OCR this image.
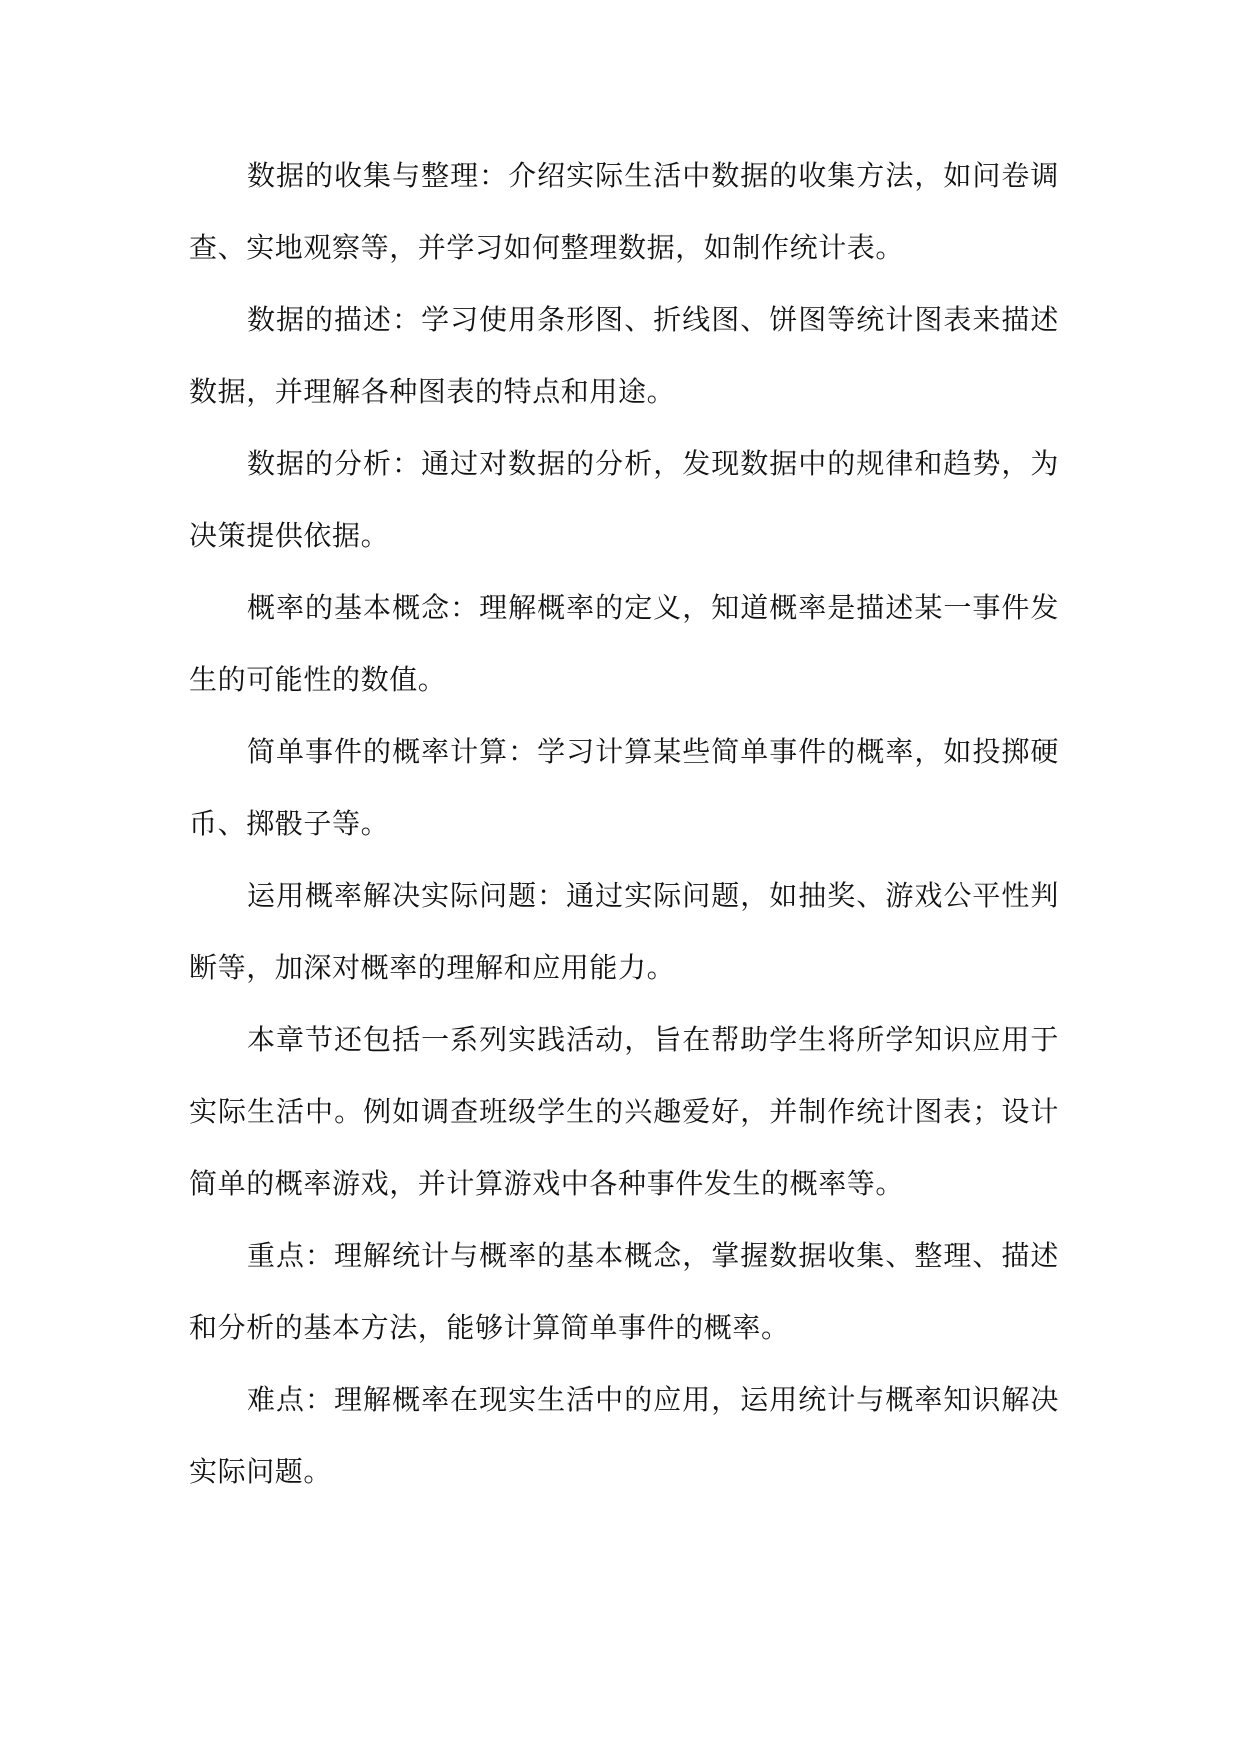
数据的收集与整理：介绍实际生活中数据的收集方法，如问卷调查、实地观察等，并学习如何整理数据，如制作统计表。

数据的描述：学习使用条形图、折线图、饼图等统计图表来描述数据，并理解各种图表的特点和用途。

数据的分析：通过对数据的分析，发现数据中的规律和趋势，为决策提供依据。

概率的基本概念：理解概率的定义，知道概率是描述某一事件发生的可能性的数值。

简单事件的概率计算：学习计算某些简单事件的概率，如投掷硬币、掷骰子等。

运用概率解决实际问题：通过实际问题，如抽奖、游戏公平性判断等，加深对概率的理解和应用能力。

本章节还包括一系列实践活动，旨在帮助学生将所学知识应用于实际生活中。例如调查班级学生的兴趣爱好，并制作统计图表；设计简单的概率游戏，并计算游戏中各种事件发生的概率等。

重点：理解统计与概率的基本概念，掌握数据收集、整理、描述和分析的基本方法，能够计算简单事件的概率。

难点：理解概率在现实生活中的应用，运用统计与概率知识解决实际问题。
